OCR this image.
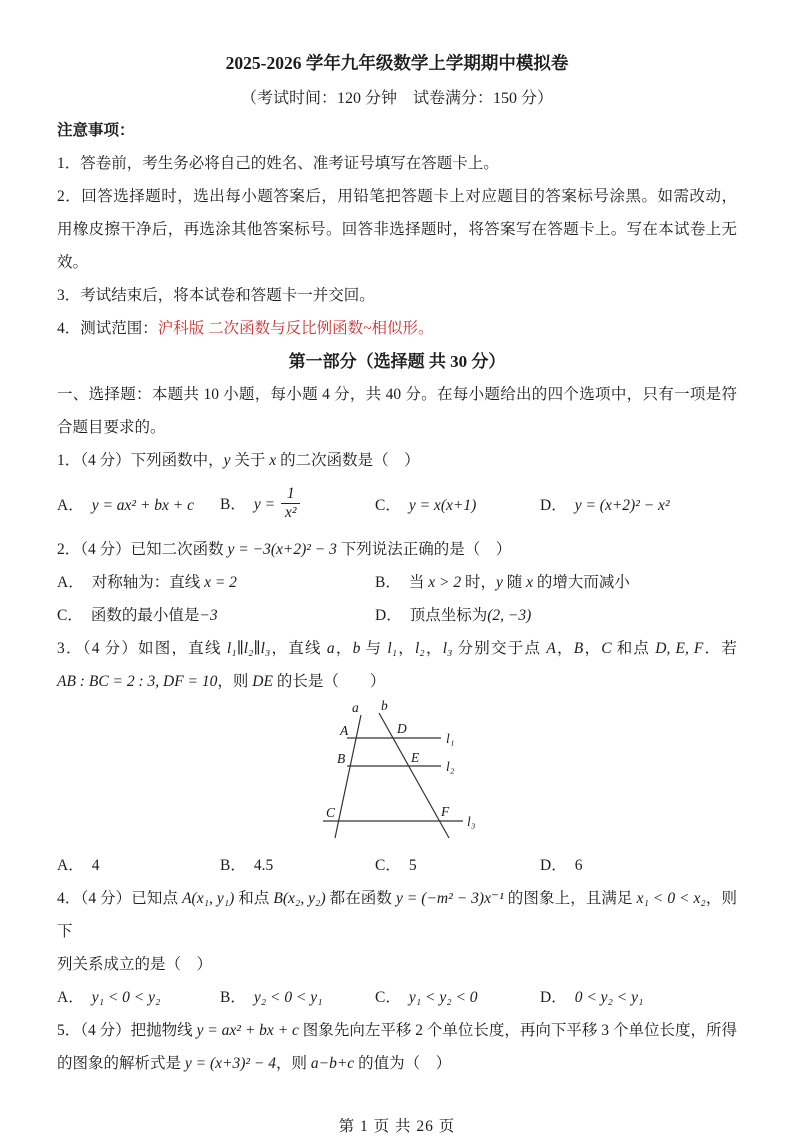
2025-2026 学年九年级数学上学期期中模拟卷
（考试时间：120 分钟　试卷满分：150 分）
注意事项：
1．答卷前，考生务必将自己的姓名、准考证号填写在答题卡上。
2．回答选择题时，选出每小题答案后，用铅笔把答题卡上对应题目的答案标号涂黑。如需改动，
用橡皮擦干净后，再选涂其他答案标号。回答非选择题时，将答案写在答题卡上。写在本试卷上无
效。
3．考试结束后，将本试卷和答题卡一并交回。
4．测试范围：沪科版 二次函数与反比例函数~相似形。
第一部分（选择题 共 30 分）
一、选择题：本题共 10 小题，每小题 4 分，共 40 分。在每小题给出的四个选项中，只有一项是符
合题目要求的。
1．（4 分）下列函数中，y 关于 x 的二次函数是（　）
A． y = ax² + bx + c	B． $y = \frac{1}{\text{x²}}$	C． y = x(x+1)	D． y = (x+2)² − x²
2．（4 分）已知二次函数 y = −3(x+2)² − 3 下列说法正确的是（　）
A． 对称轴为：直线 x = 2	B． 当 x > 2 时，y 随 x 的增大而减小
C． 函数的最小值是−3	D． 顶点坐标为(2, −3)
3．（4 分）如图，直线 l₁∥l₂∥l₃，直线 a，b 与 l₁，l₂，l₃ 分别交于点 A，B，C 和点 D, E, F．若
AB : BC = 2 : 3, DF = 10，则 DE 的长是（　　）
a b
A	D
B	E
C	F
l₁
l₂
l₃
A． 4	B． 4.5	C． 5	D． 6
4．（4 分）已知点 A(x₁, y₁) 和点 B(x₂, y₂) 都在函数 y = (−m² − 3)x⁻¹ 的图象上，且满足 x₁ < 0 < x₂，则下
列关系成立的是（　）
A． y₁ < 0 < y₂	B． y₂ < 0 < y₁	C． y₁ < y₂ < 0	D． 0 < y₂ < y₁
5．（4 分）把抛物线 y = ax² + bx + c 图象先向左平移 2 个单位长度，再向下平移 3 个单位长度，所得
的图象的解析式是 y = (x+3)² − 4，则 a−b+c 的值为（　）
第 1 页 共 26 页
